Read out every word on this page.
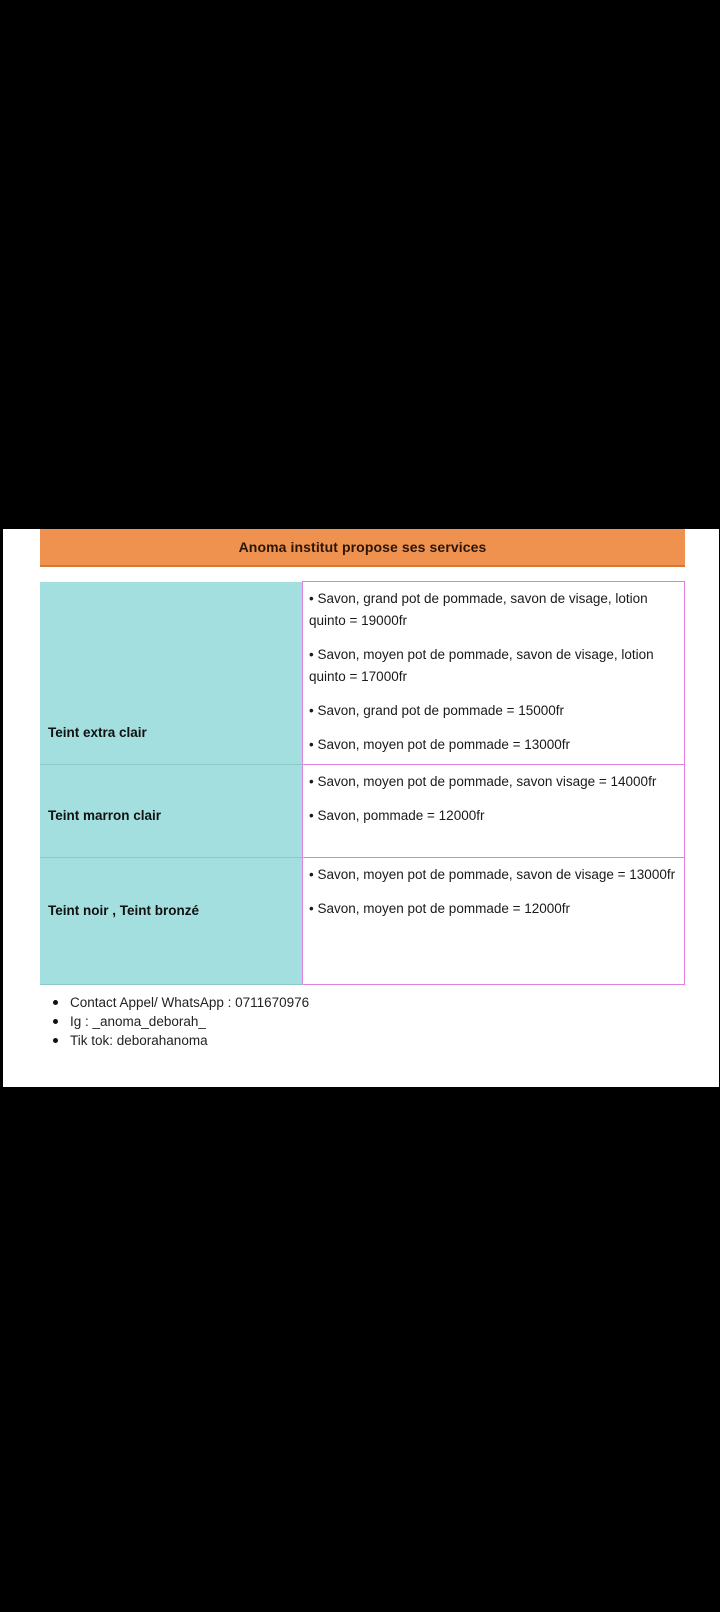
Anoma institut propose ses services
Teint extra clair	• Savon, grand pot de pommade, savon de visage, lotion quinto = 19000fr
• Savon, moyen pot de pommade, savon de visage, lotion quinto = 17000fr
• Savon, grand pot de pommade = 15000fr
• Savon, moyen pot de pommade = 13000fr

Teint marron clair	• Savon, moyen pot de pommade, savon visage = 14000fr
• Savon, pommade = 12000fr

Teint noir , Teint bronzé	• Savon, moyen pot de pommade, savon de visage = 13000fr
• Savon, moyen pot de pommade = 12000fr
Contact Appel/ WhatsApp : 0711670976
Ig : _anoma_deborah_
Tik tok: deborahanoma
